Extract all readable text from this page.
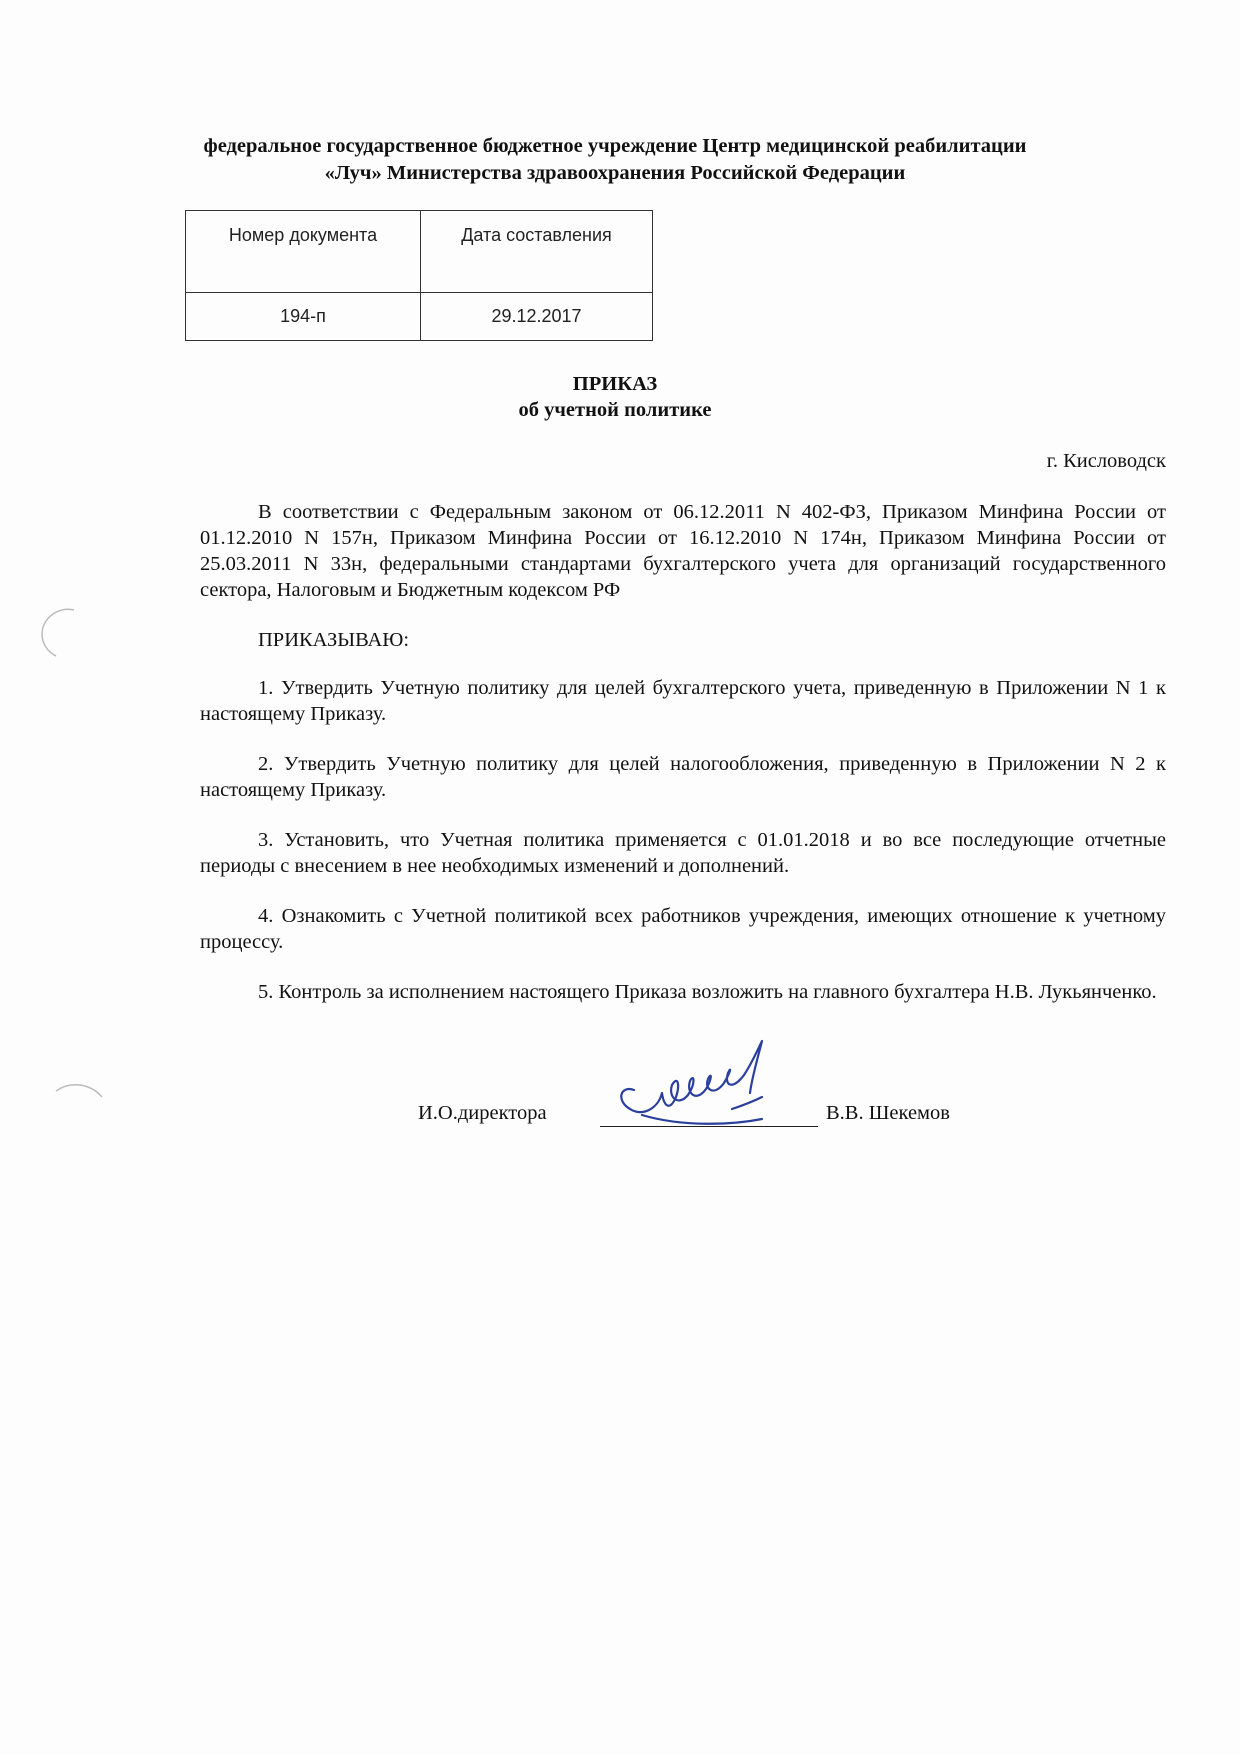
федеральное государственное бюджетное учреждение Центр медицинской реабилитации
«Луч» Министерства здравоохранения Российской Федерации
Номер документа	Дата составления
194-п	29.12.2017
ПРИКАЗ
об учетной политике
г. Кисловодск

В соответствии с Федеральным законом от 06.12.2011 N 402-ФЗ, Приказом Минфина России от 01.12.2010 N 157н, Приказом Минфина России от 16.12.2010 N 174н, Приказом Минфина России от 25.03.2011 N 33н, федеральными стандартами бухгалтерского учета для организаций государственного сектора, Налоговым и Бюджетным кодексом РФ

ПРИКАЗЫВАЮ:

1. Утвердить Учетную политику для целей бухгалтерского учета, приведенную в Приложении N 1 к настоящему Приказу.

2. Утвердить Учетную политику для целей налогообложения, приведенную в Приложении N 2 к настоящему Приказу.

3. Установить, что Учетная политика применяется с 01.01.2018 и во все последующие отчетные периоды с внесением в нее необходимых изменений и дополнений.

4. Ознакомить с Учетной политикой всех работников учреждения, имеющих отношение к учетному процессу.

5. Контроль за исполнением настоящего Приказа возложить на главного бухгалтера Н.В. Лукьянченко.

И.О.директора	В.В. Шекемов
